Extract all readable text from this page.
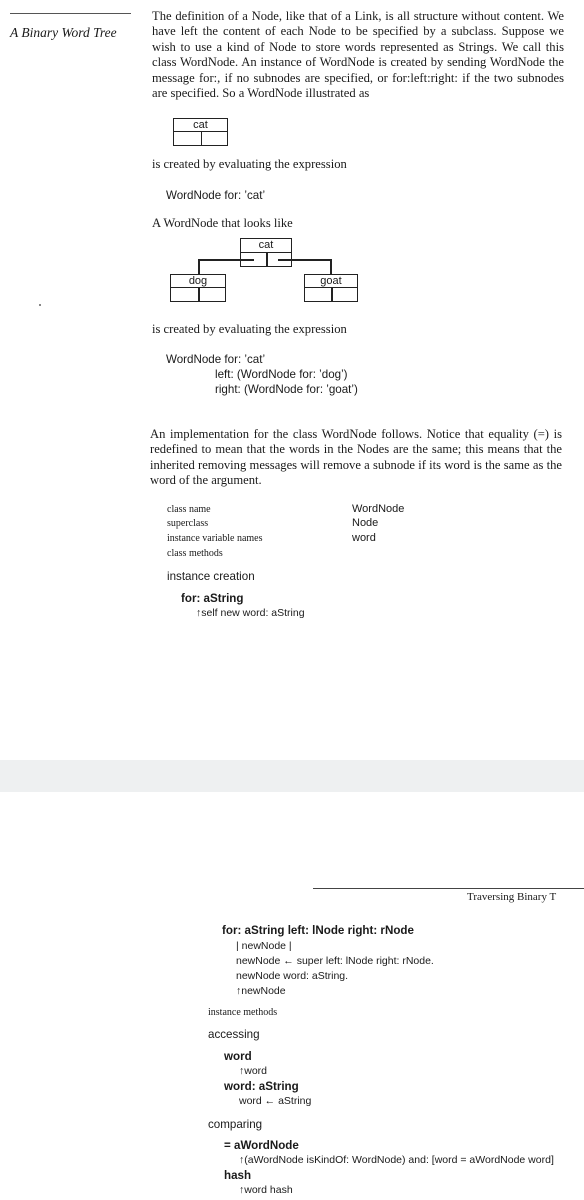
A Binary Word Tree
The definition of a Node, like that of a Link, is all structure without content. We have left the content of each Node to be specified by a subclass. Suppose we wish to use a kind of Node to store words represented as Strings. We call this class WordNode. An instance of WordNode is created by sending WordNode the message for:, if no subnodes are specified, or for:left:right: if the two subnodes are specified. So a WordNode illustrated as
cat
is created by evaluating the expression
WordNode for: ’cat’
A WordNode that looks like
cat
dog	goat
is created by evaluating the expression
WordNode for: ’cat’
left: (WordNode for: ’dog’)
right: (WordNode for: ’goat’)
An implementation for the class WordNode follows. Notice that equality (=) is redefined to mean that the words in the Nodes are the same; this means that the inherited removing messages will remove a subnode if its word is the same as the word of the argument.
class name	WordNode
superclass	Node
instance variable names	word
class methods
instance creation
for: aString
↑self new word: aString
Traversing Binary T
for: aString left: lNode right: rNode
| newNode |
newNode ← super left: lNode right: rNode.
newNode word: aString.
↑newNode
instance methods
accessing
word
↑word
word: aString
word ← aString
comparing
= aWordNode
↑(aWordNode isKindOf: WordNode) and: [word = aWordNode word]
hash
↑word hash
